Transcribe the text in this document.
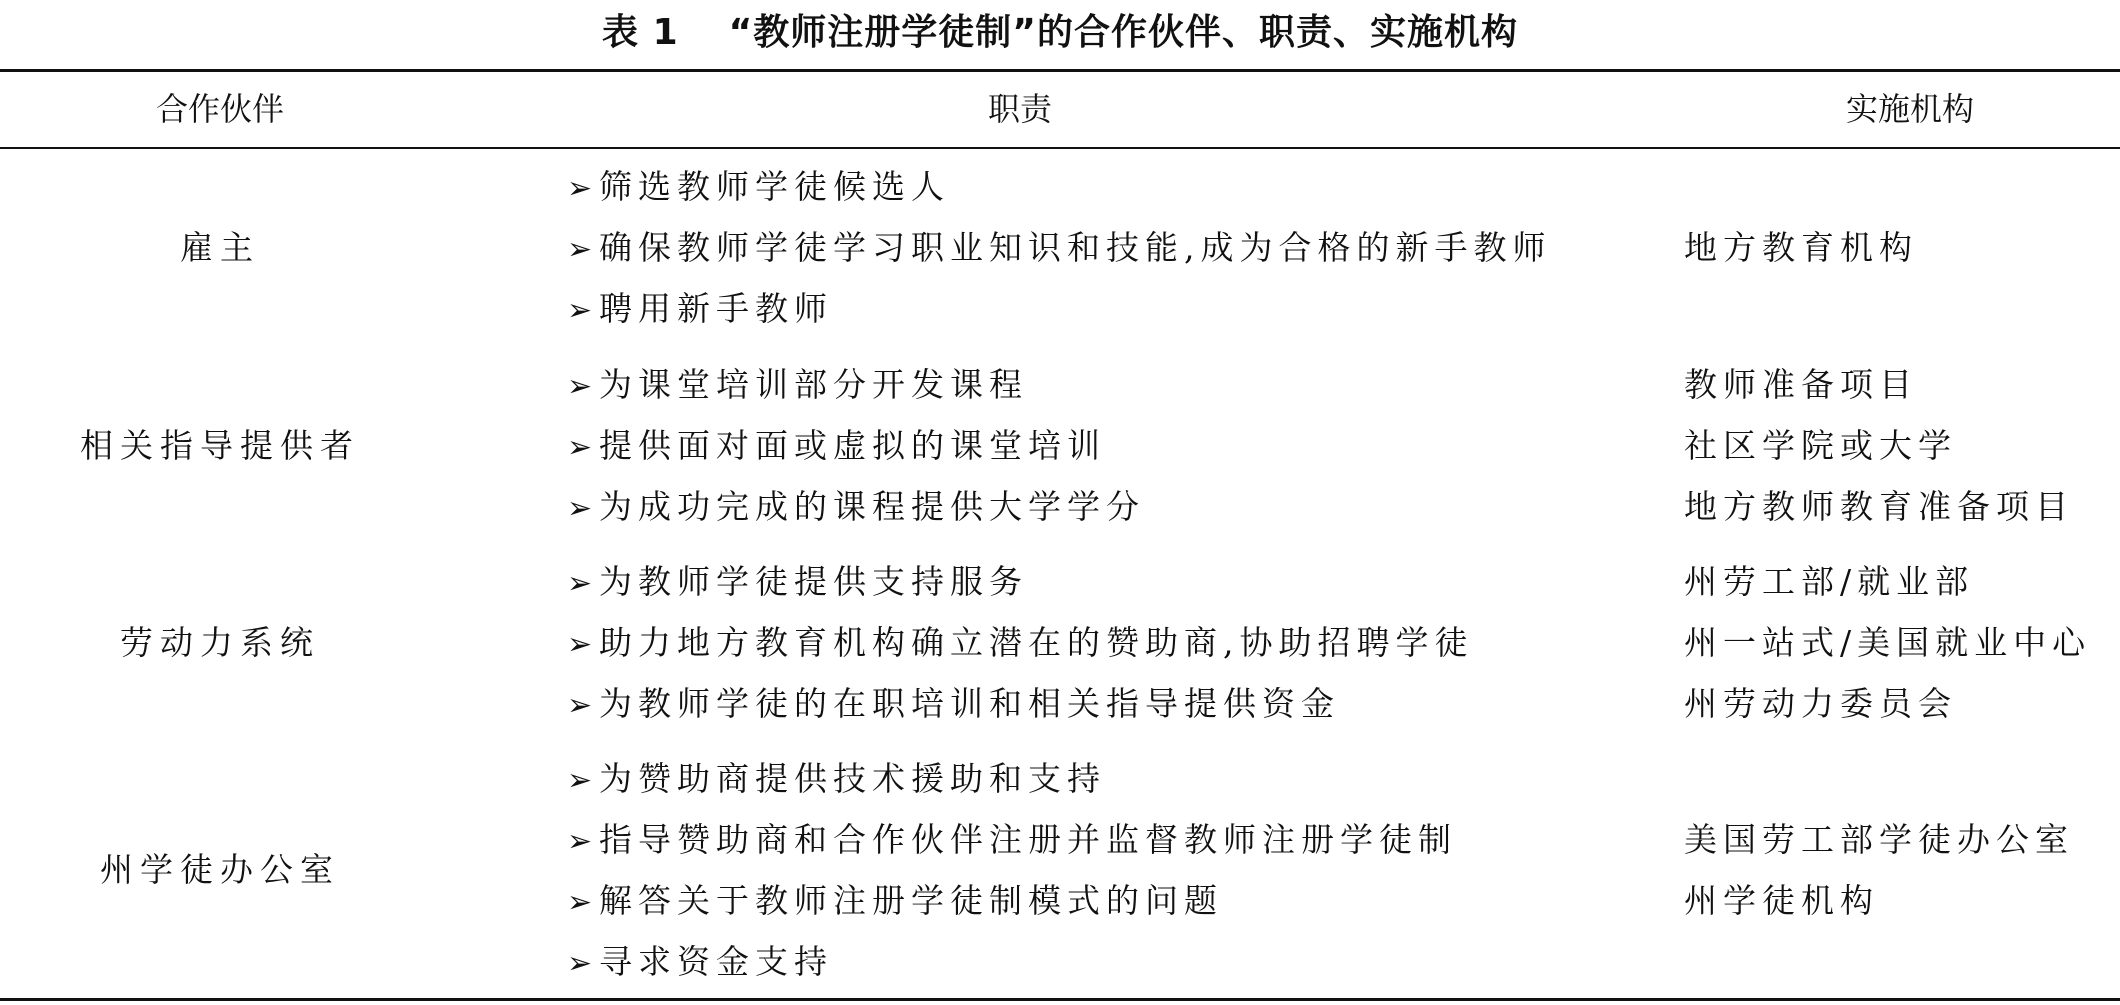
表 1 “教师注册学徒制”的合作伙伴、职责、实施机构
合作伙伴	职责	实施机构
雇主
➢ 筛选教师学徒候选人
➢ 确保教师学徒学习职业知识和技能,成为合格的新手教师
➢ 聘用新手教师
地方教育机构
相关指导提供者
➢ 为课堂培训部分开发课程
➢ 提供面对面或虚拟的课堂培训
➢ 为成功完成的课程提供大学学分
教师准备项目
社区学院或大学
地方教师教育准备项目
劳动力系统
➢ 为教师学徒提供支持服务
➢ 助力地方教育机构确立潜在的赞助商,协助招聘学徒
➢ 为教师学徒的在职培训和相关指导提供资金
州劳工部/就业部
州一站式/美国就业中心
州劳动力委员会
州学徒办公室
➢ 为赞助商提供技术援助和支持
➢ 指导赞助商和合作伙伴注册并监督教师注册学徒制
➢ 解答关于教师注册学徒制模式的问题
➢ 寻求资金支持
美国劳工部学徒办公室
州学徒机构
